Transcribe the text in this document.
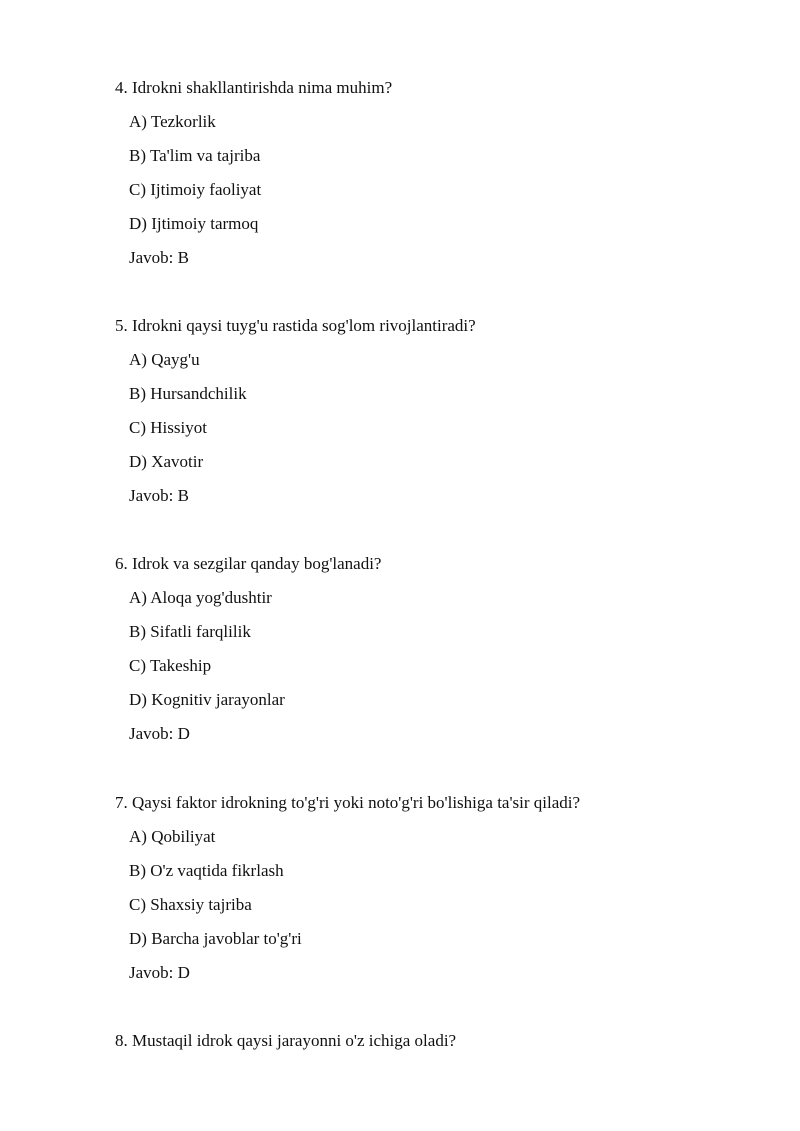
4. Idrokni shakllantirishda nima muhim?
A) Tezkorlik
B) Ta'lim va tajriba
C) Ijtimoiy faoliyat
D) Ijtimoiy tarmoq
Javob: B
5. Idrokni qaysi tuyg'u rastida sog'lom rivojlantiradi?
A) Qayg'u
B) Hursandchilik
C) Hissiyot
D) Xavotir
Javob: B
6. Idrok va sezgilar qanday bog'lanadi?
A) Aloqa yog'dushtir
B) Sifatli farqlilik
C) Takeship
D) Kognitiv jarayonlar
Javob: D
7. Qaysi faktor idrokning to'g'ri yoki noto'g'ri bo'lishiga ta'sir qiladi?
A) Qobiliyat
B) O'z vaqtida fikrlash
C) Shaxsiy tajriba
D) Barcha javoblar to'g'ri
Javob: D
8. Mustaqil idrok qaysi jarayonni o'z ichiga oladi?
